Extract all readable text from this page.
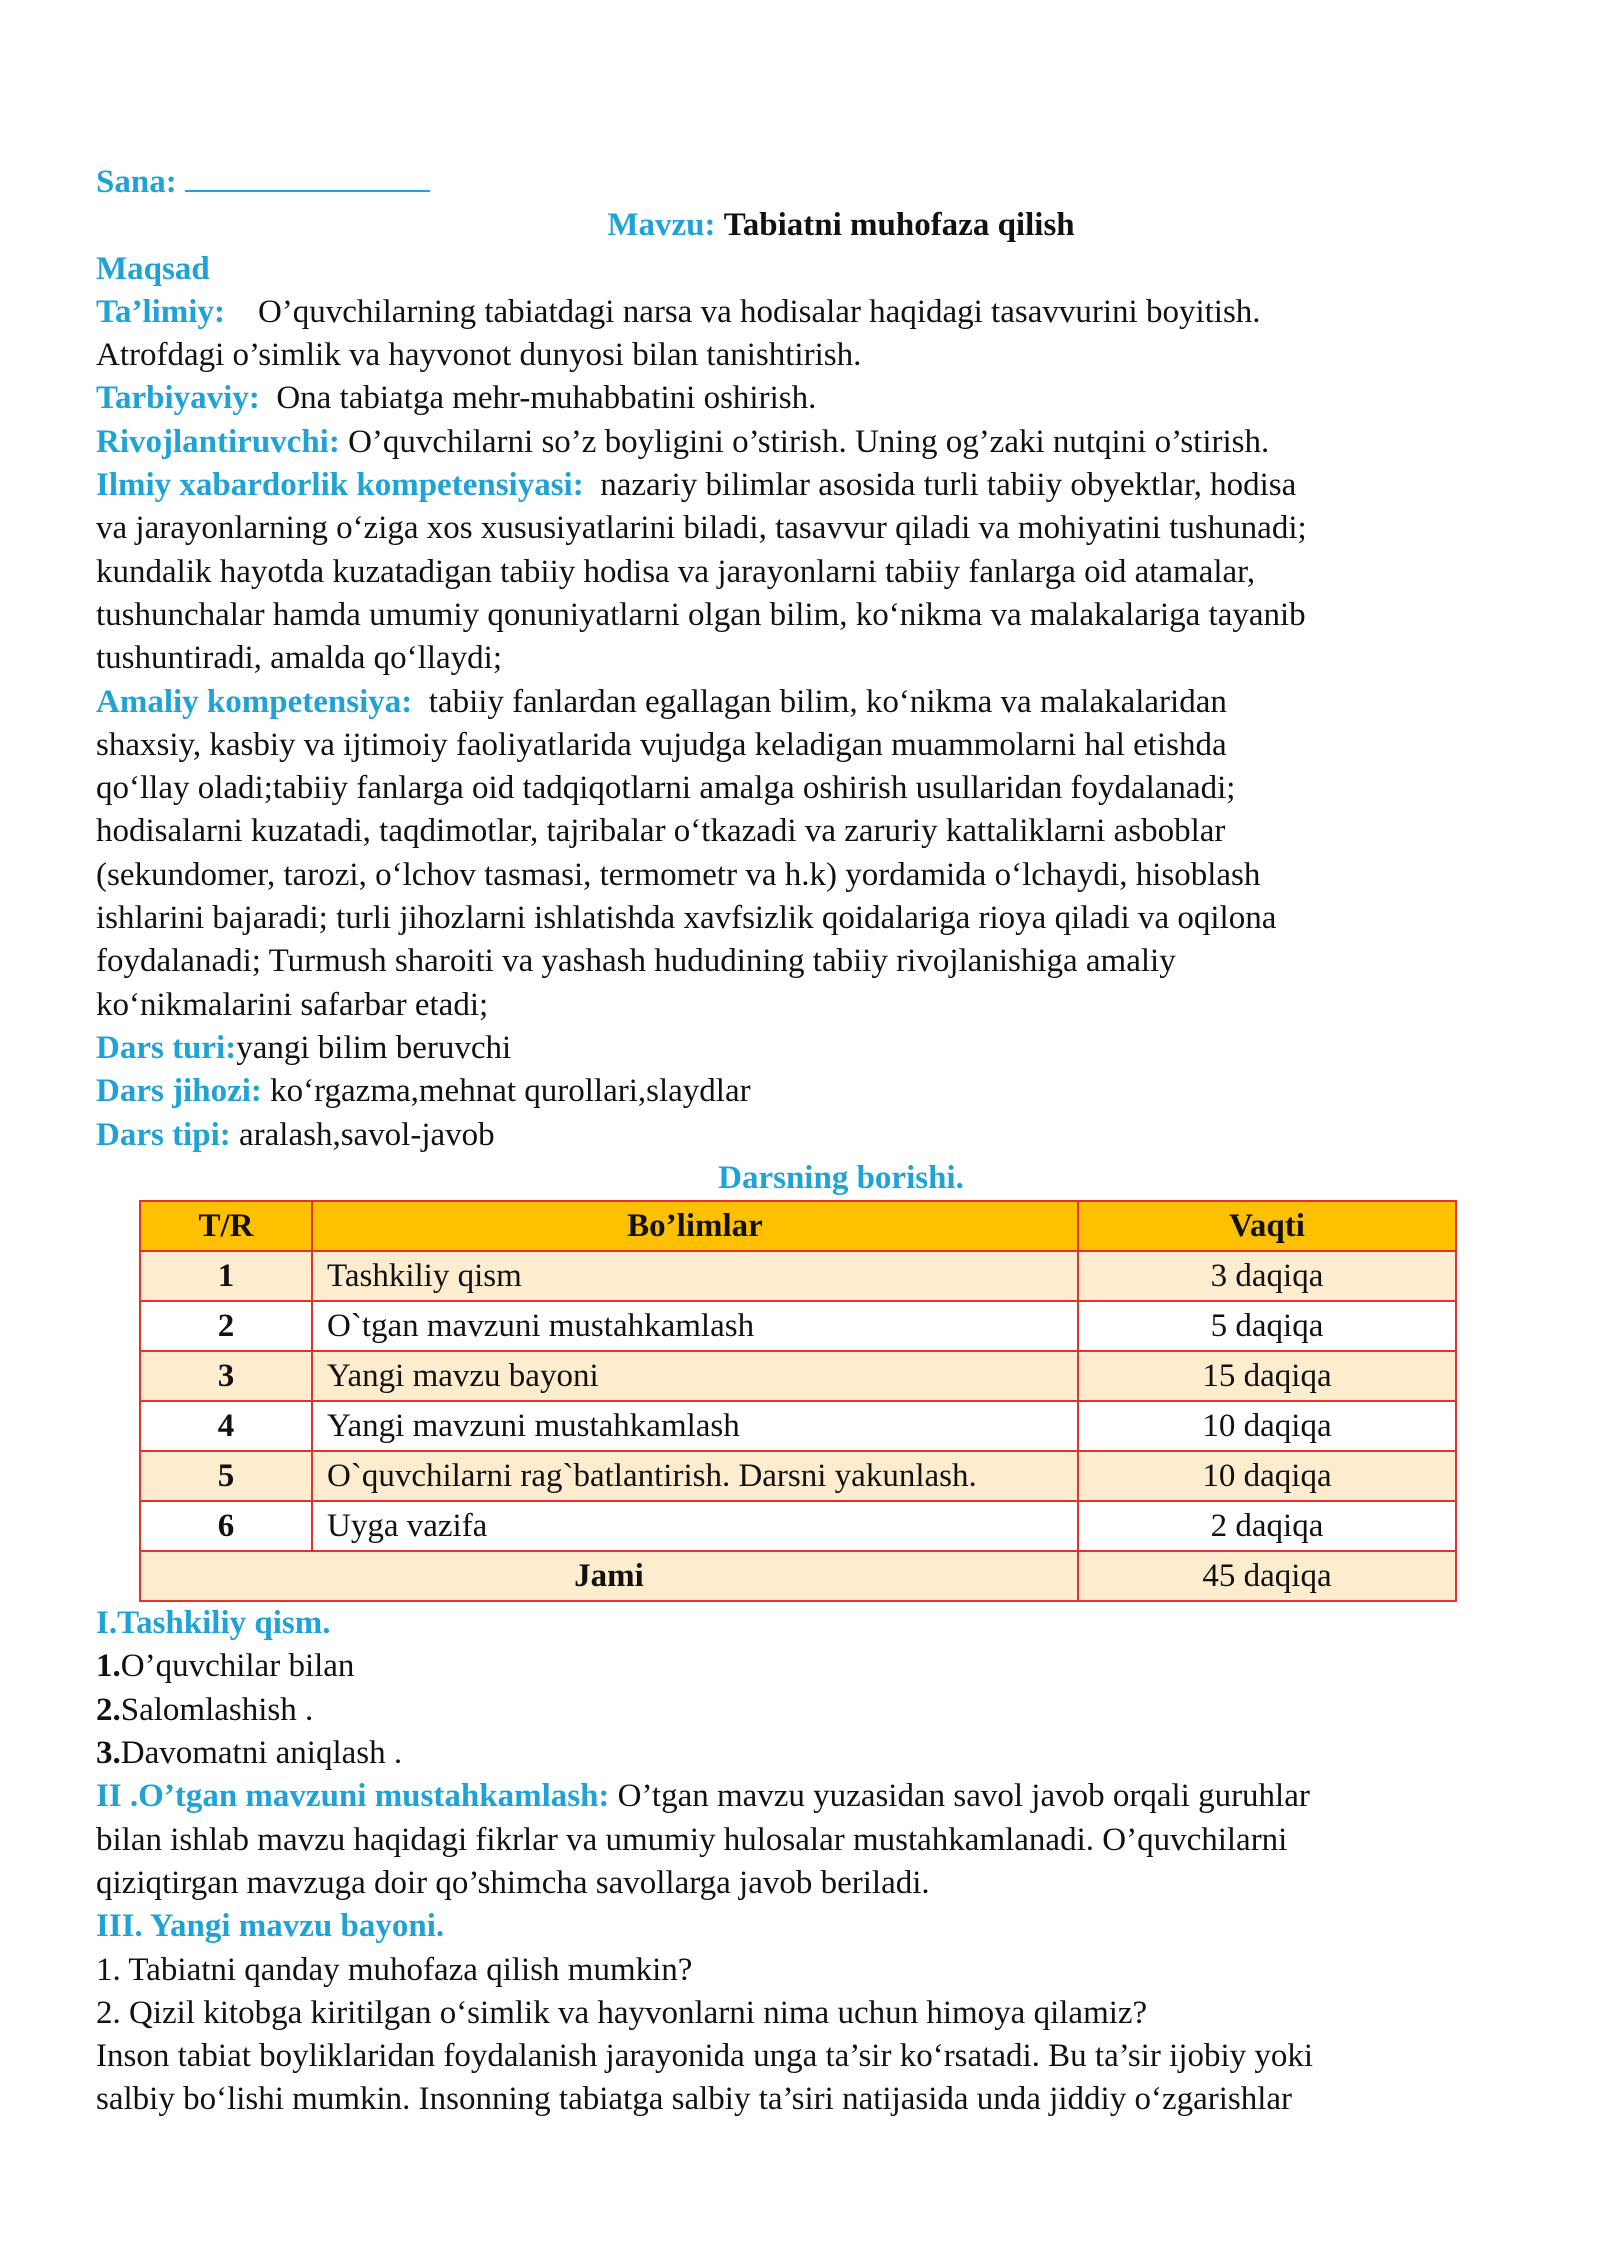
Sana:
Mavzu: Tabiatni muhofaza qilish
Maqsad
Ta’limiy: O’quvchilarning tabiatdagi narsa va hodisalar haqidagi tasavvurini boyitish.
Atrofdagi o’simlik va hayvonot dunyosi bilan tanishtirish.
Tarbiyaviy: Ona tabiatga mehr-muhabbatini oshirish.
Rivojlantiruvchi: O’quvchilarni so’z boyligini o’stirish. Uning og’zaki nutqini o’stirish.
Ilmiy xabardorlik kompetensiyasi: nazariy bilimlar asosida turli tabiiy obyektlar, hodisa
va jarayonlarning o‘ziga xos xususiyatlarini biladi, tasavvur qiladi va mohiyatini tushunadi;
kundalik hayotda kuzatadigan tabiiy hodisa va jarayonlarni tabiiy fanlarga oid atamalar,
tushunchalar hamda umumiy qonuniyatlarni olgan bilim, ko‘nikma va malakalariga tayanib
tushuntiradi, amalda qo‘llaydi;
Amaliy kompetensiya: tabiiy fanlardan egallagan bilim, ko‘nikma va malakalaridan
shaxsiy, kasbiy va ijtimoiy faoliyatlarida vujudga keladigan muammolarni hal etishda
qo‘llay oladi;tabiiy fanlarga oid tadqiqotlarni amalga oshirish usullaridan foydalanadi;
hodisalarni kuzatadi, taqdimotlar, tajribalar o‘tkazadi va zaruriy kattaliklarni asboblar
(sekundomer, tarozi, o‘lchov tasmasi, termometr va h.k) yordamida o‘lchaydi, hisoblash
ishlarini bajaradi; turli jihozlarni ishlatishda xavfsizlik qoidalariga rioya qiladi va oqilona
foydalanadi; Turmush sharoiti va yashash hududining tabiiy rivojlanishiga amaliy
ko‘nikmalarini safarbar etadi;
Dars turi:yangi bilim beruvchi
Dars jihozi: ko‘rgazma,mehnat qurollari,slaydlar
Dars tipi: aralash,savol-javob
Darsning borishi.
T/R	Bo’limlar	Vaqti
1	Tashkiliy qism	3 daqiqa
2	O`tgan mavzuni mustahkamlash	5 daqiqa
3	Yangi mavzu bayoni	15 daqiqa
4	Yangi mavzuni mustahkamlash	10 daqiqa
5	O`quvchilarni rag`batlantirish. Darsni yakunlash.	10 daqiqa
6	Uyga vazifa	2 daqiqa
Jami		45 daqiqa
I.Tashkiliy qism.
1.O’quvchilar bilan
2.Salomlashish .
3.Davomatni aniqlash .
II .O’tgan mavzuni mustahkamlash: O’tgan mavzu yuzasidan savol javob orqali guruhlar
bilan ishlab mavzu haqidagi fikrlar va umumiy hulosalar mustahkamlanadi. O’quvchilarni
qiziqtirgan mavzuga doir qo’shimcha savollarga javob beriladi.
III. Yangi mavzu bayoni.
1. Tabiatni qanday muhofaza qilish mumkin?
2. Qizil kitobga kiritilgan o‘simlik va hayvonlarni nima uchun himoya qilamiz?
Inson tabiat boyliklaridan foydalanish jarayonida unga ta’sir ko‘rsatadi. Bu ta’sir ijobiy yoki
salbiy bo‘lishi mumkin. Insonning tabiatga salbiy ta’siri natijasida unda jiddiy o‘zgarishlar
